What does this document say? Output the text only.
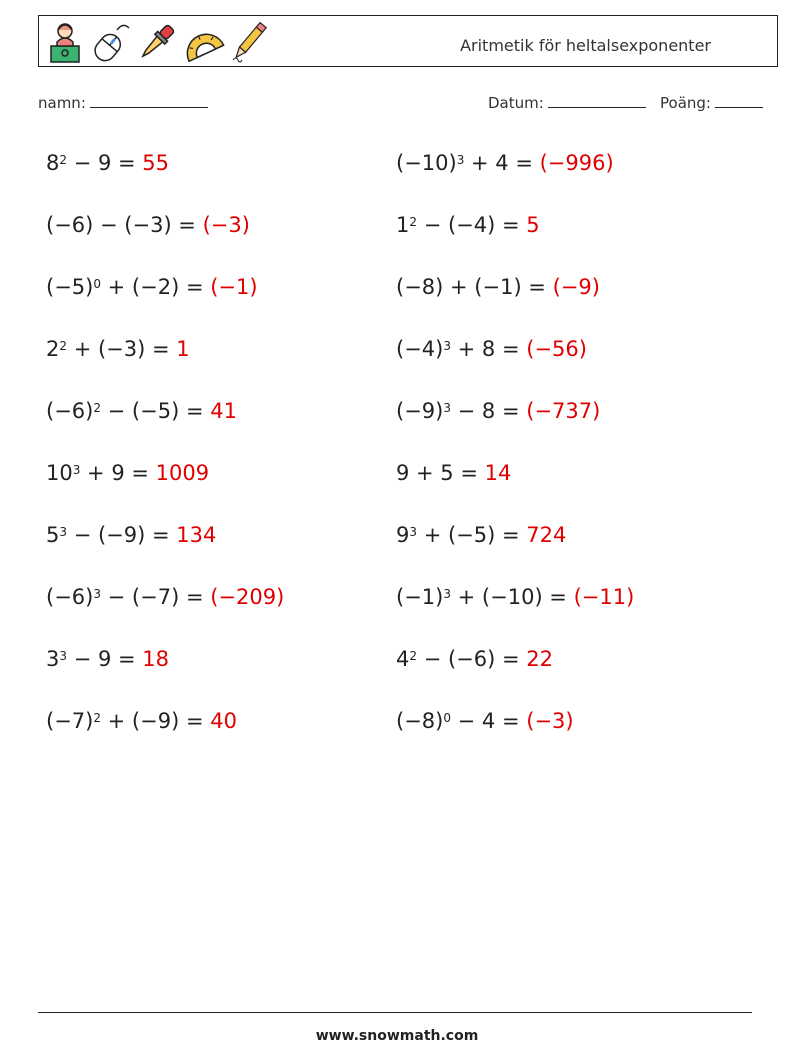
Aritmetik för heltalsexponenter
namn:	Datum:	Poäng:
$8^2 - 9 = 55$	$(-10)^3 + 4 = (-996)$
(−6) − (−3) = (−3)	$1^2 - (-4) = 5$
$(-5)^0 + (-2) = (-1)$	(−8) + (−1) = (−9)
$2^2 + (-3) = 1$	$(-4)^3 + 8 = (-56)$
$(-6)^2 - (-5) = 41$	$(-9)^3 - 8 = (-737)$
$10^3 + 9 = 1009$	9 + 5 = 14
$5^3 - (-9) = 134$	$9^3 + (-5) = 724$
$(-6)^3 - (-7) = (-209)$	$(-1)^3 + (-10) = (-11)$
$3^3 - 9 = 18$	$4^2 - (-6) = 22$
$(-7)^2 + (-9) = 40$	$(-8)^0 - 4 = (-3)$
www.snowmath.com
